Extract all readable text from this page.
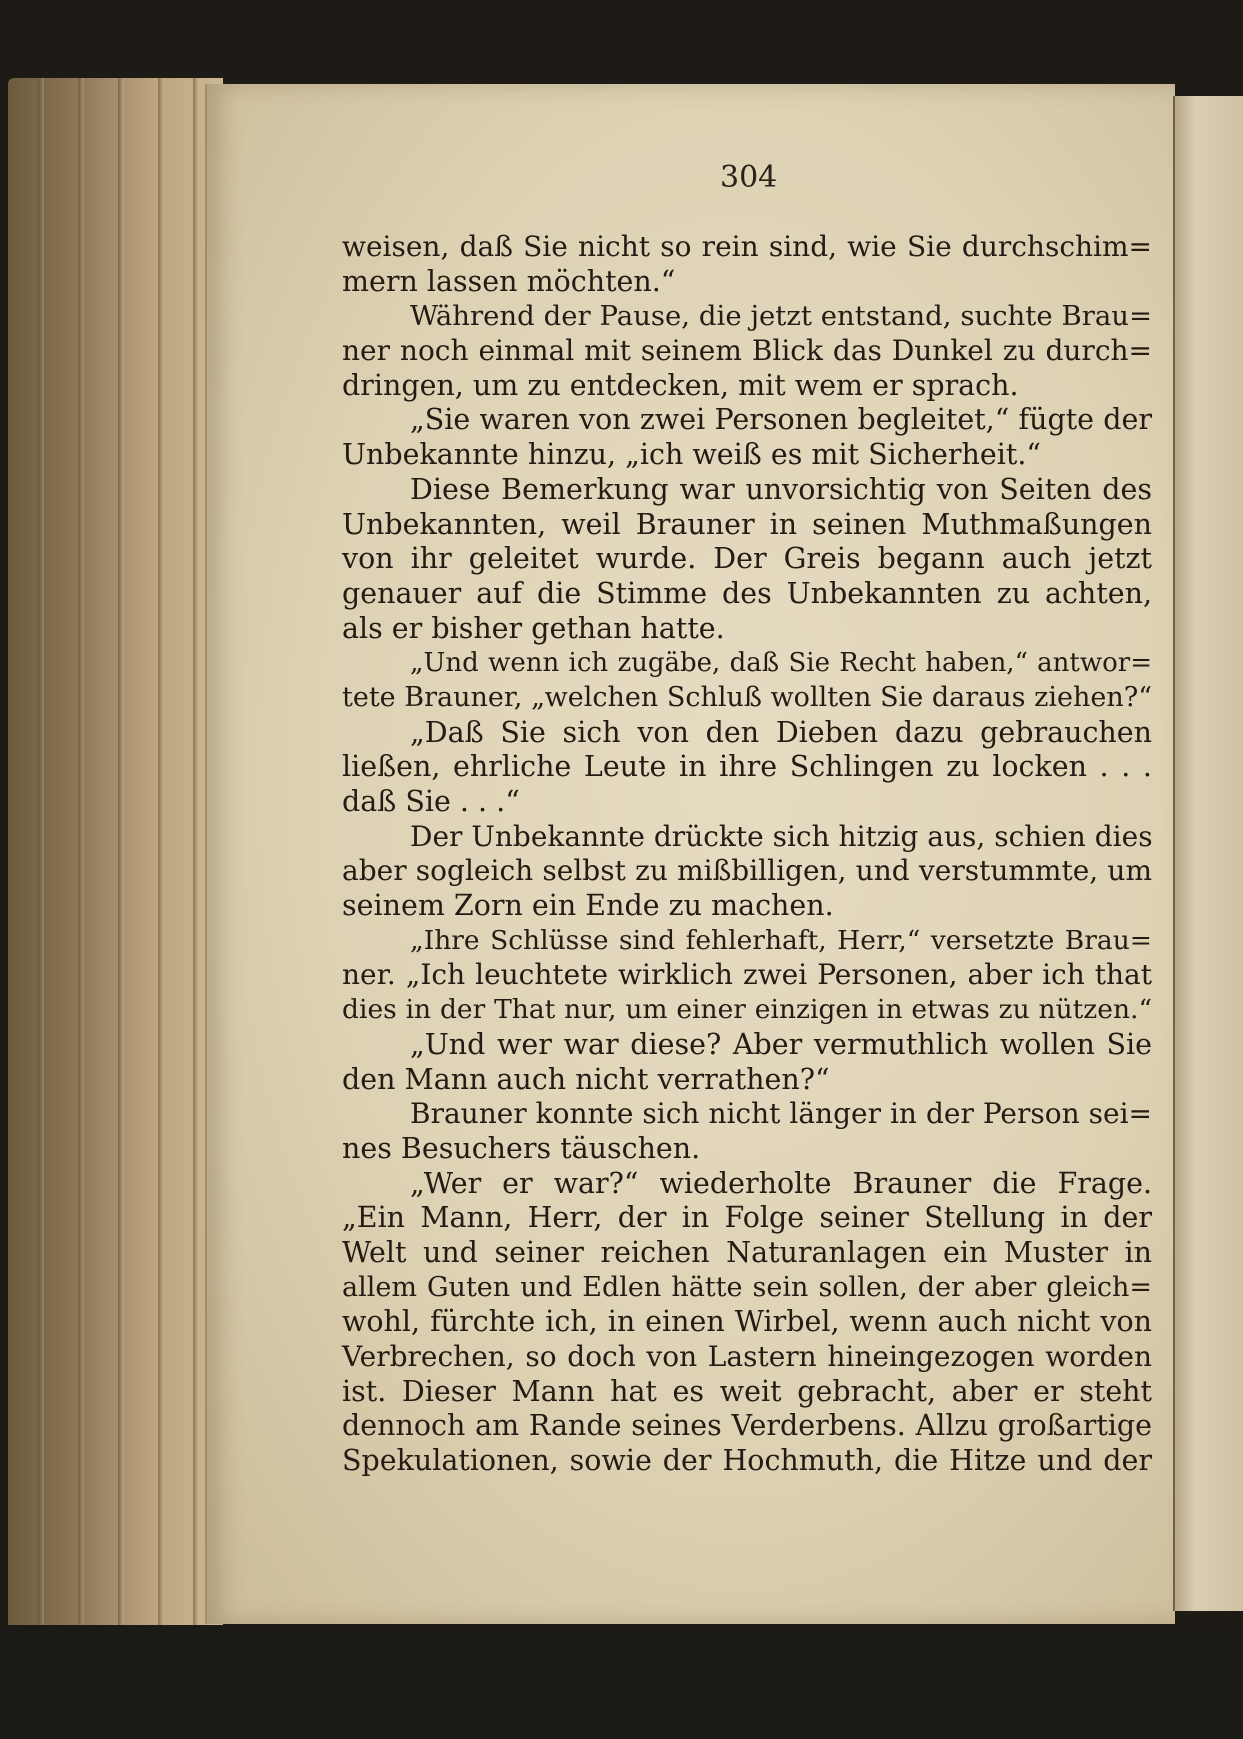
304
weisen, daß Sie nicht so rein sind, wie Sie durchschim=
mern lassen möchten.“
Während der Pause, die jetzt entstand, suchte Brau=
ner noch einmal mit seinem Blick das Dunkel zu durch=
dringen, um zu entdecken, mit wem er sprach.
„Sie waren von zwei Personen begleitet,“ fügte der
Unbekannte hinzu, „ich weiß es mit Sicherheit.“
Diese Bemerkung war unvorsichtig von Seiten des
Unbekannten, weil Brauner in seinen Muthmaßungen
von ihr geleitet wurde. Der Greis begann auch jetzt
genauer auf die Stimme des Unbekannten zu achten,
als er bisher gethan hatte.
„Und wenn ich zugäbe, daß Sie Recht haben,“ antwor=
tete Brauner, „welchen Schluß wollten Sie daraus ziehen?“
„Daß Sie sich von den Dieben dazu gebrauchen
ließen, ehrliche Leute in ihre Schlingen zu locken . . .
daß Sie . . .“
Der Unbekannte drückte sich hitzig aus, schien dies
aber sogleich selbst zu mißbilligen, und verstummte, um
seinem Zorn ein Ende zu machen.
„Ihre Schlüsse sind fehlerhaft, Herr,“ versetzte Brau=
ner. „Ich leuchtete wirklich zwei Personen, aber ich that
dies in der That nur, um einer einzigen in etwas zu nützen.“
„Und wer war diese? Aber vermuthlich wollen Sie
den Mann auch nicht verrathen?“
Brauner konnte sich nicht länger in der Person sei=
nes Besuchers täuschen.
„Wer er war?“ wiederholte Brauner die Frage.
„Ein Mann, Herr, der in Folge seiner Stellung in der
Welt und seiner reichen Naturanlagen ein Muster in
allem Guten und Edlen hätte sein sollen, der aber gleich=
wohl, fürchte ich, in einen Wirbel, wenn auch nicht von
Verbrechen, so doch von Lastern hineingezogen worden
ist. Dieser Mann hat es weit gebracht, aber er steht
dennoch am Rande seines Verderbens. Allzu großartige
Spekulationen, sowie der Hochmuth, die Hitze und der
